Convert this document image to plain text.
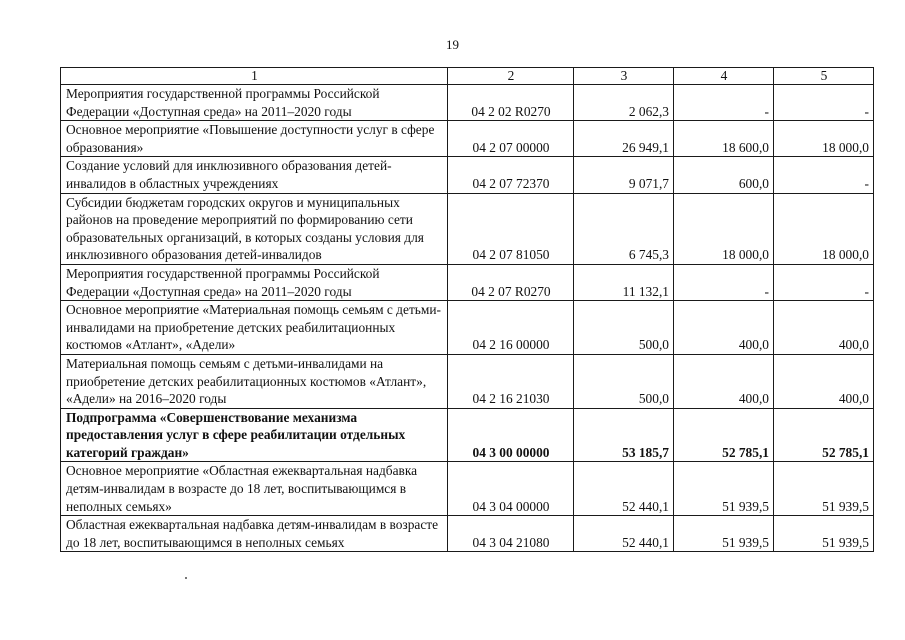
19
1	2	3	4	5
Мероприятия государственной программы Российской Федерации «Доступная среда» на 2011–2020 годы	04 2 02 R0270	2 062,3	-	-
Основное мероприятие «Повышение доступности услуг в сфере образования»	04 2 07 00000	26 949,1	18 600,0	18 000,0
Создание условий для инклюзивного образования детей-инвалидов в областных учреждениях	04 2 07 72370	9 071,7	600,0	-
Субсидии бюджетам городских округов и муниципальных районов на проведение мероприятий по формированию сети образовательных организаций, в которых созданы условия для инклюзивного образования детей-инвалидов	04 2 07 81050	6 745,3	18 000,0	18 000,0
Мероприятия государственной программы Российской Федерации «Доступная среда» на 2011–2020 годы	04 2 07 R0270	11 132,1	-	-
Основное мероприятие «Материальная помощь семьям с детьми-инвалидами на приобретение детских реабилитационных костюмов «Атлант», «Адели»	04 2 16 00000	500,0	400,0	400,0
Материальная помощь семьям с детьми-инвалидами на приобретение детских реабилитационных костюмов «Атлант», «Адели» на 2016–2020 годы	04 2 16 21030	500,0	400,0	400,0
Подпрограмма «Совершенствование механизма предоставления услуг в сфере реабилитации отдельных категорий граждан»	04 3 00 00000	53 185,7	52 785,1	52 785,1
Основное мероприятие «Областная ежеквартальная надбавка детям-инвалидам в возрасте до 18 лет, воспитывающимся в неполных семьях»	04 3 04 00000	52 440,1	51 939,5	51 939,5
Областная ежеквартальная надбавка детям-инвалидам в возрасте до 18 лет, воспитывающимся в неполных семьях	04 3 04 21080	52 440,1	51 939,5	51 939,5
